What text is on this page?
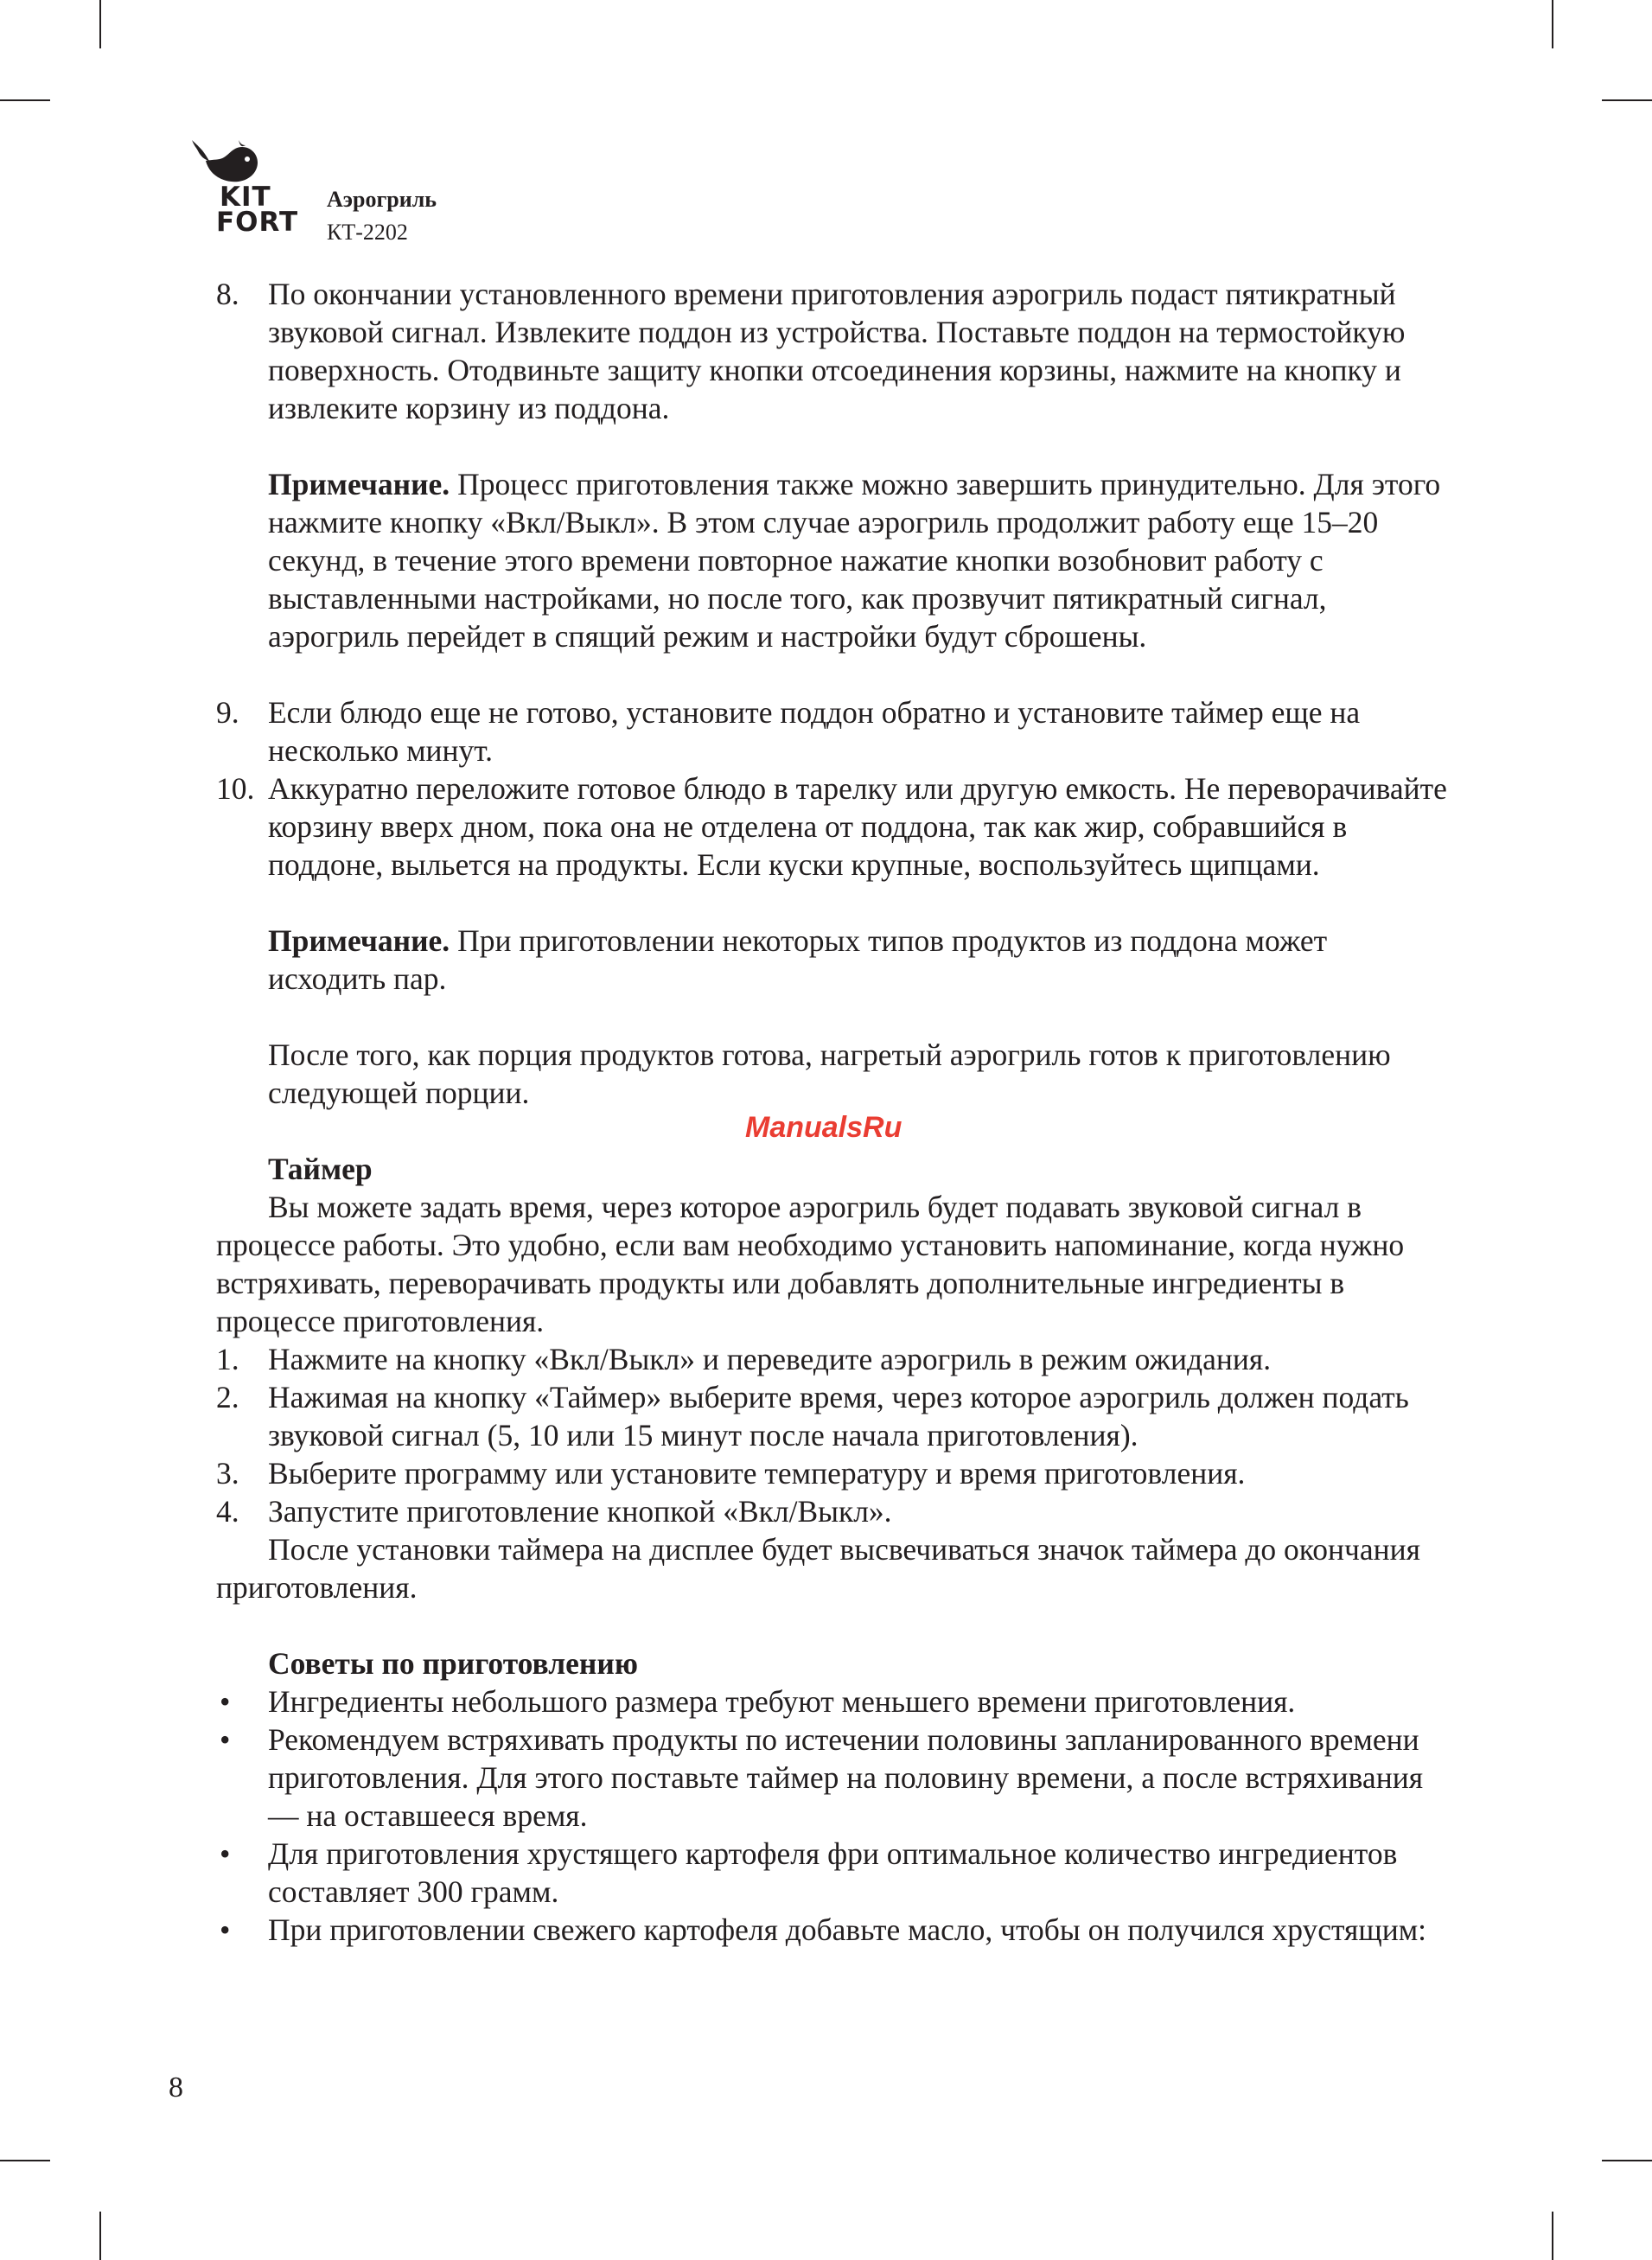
KIT
FORT
Аэрогриль
КТ-2202

8. По окончании установленного времени приготовления аэрогриль подаст пятикратный звуковой сигнал. Извлеките поддон из устройства. Поставьте поддон на термостойкую поверхность. Отодвиньте защиту кнопки отсоединения корзины, нажмите на кнопку и извлеките корзину из поддона.

Примечание. Процесс приготовления также можно завершить принудительно. Для этого нажмите кнопку «Вкл/Выкл». В этом случае аэрогриль продолжит работу еще 15–20 секунд, в течение этого времени повторное нажатие кнопки возобновит работу с выставленными настройками, но после того, как прозвучит пятикратный сигнал, аэрогриль перейдет в спящий режим и настройки будут сброшены.

9. Если блюдо еще не готово, установите поддон обратно и установите таймер еще на несколько минут.

10. Аккуратно переложите готовое блюдо в тарелку или другую емкость. Не переворачивайте корзину вверх дном, пока она не отделена от поддона, так как жир, собравшийся в поддоне, выльется на продукты. Если куски крупные, воспользуйтесь щипцами.

Примечание. При приготовлении некоторых типов продуктов из поддона может исходить пар.

После того, как порция продуктов готова, нагретый аэрогриль готов к приготовлению следующей порции.

Таймер

Вы можете задать время, через которое аэрогриль будет подавать звуковой сигнал в процессе работы. Это удобно, если вам необходимо установить напоминание, когда нужно встряхивать, переворачивать продукты или добавлять дополнительные ингредиенты в процессе приготовления.

1. Нажмите на кнопку «Вкл/Выкл» и переведите аэрогриль в режим ожидания.

2. Нажимая на кнопку «Таймер» выберите время, через которое аэрогриль должен подать звуковой сигнал (5, 10 или 15 минут после начала приготовления).

3. Выберите программу или установите температуру и время приготовления.

4. Запустите приготовление кнопкой «Вкл/Выкл».

После установки таймера на дисплее будет высвечиваться значок таймера до окончания приготовления.

Советы по приготовлению

• Ингредиенты небольшого размера требуют меньшего времени приготовления.

• Рекомендуем встряхивать продукты по истечении половины запланированного времени приготовления. Для этого поставьте таймер на половину времени, а после встряхивания — на оставшееся время.

• Для приготовления хрустящего картофеля фри оптимальное количество ингредиентов составляет 300 грамм.

• При приготовлении свежего картофеля добавьте масло, чтобы он получился хрустящим:

ManualsRu
8
